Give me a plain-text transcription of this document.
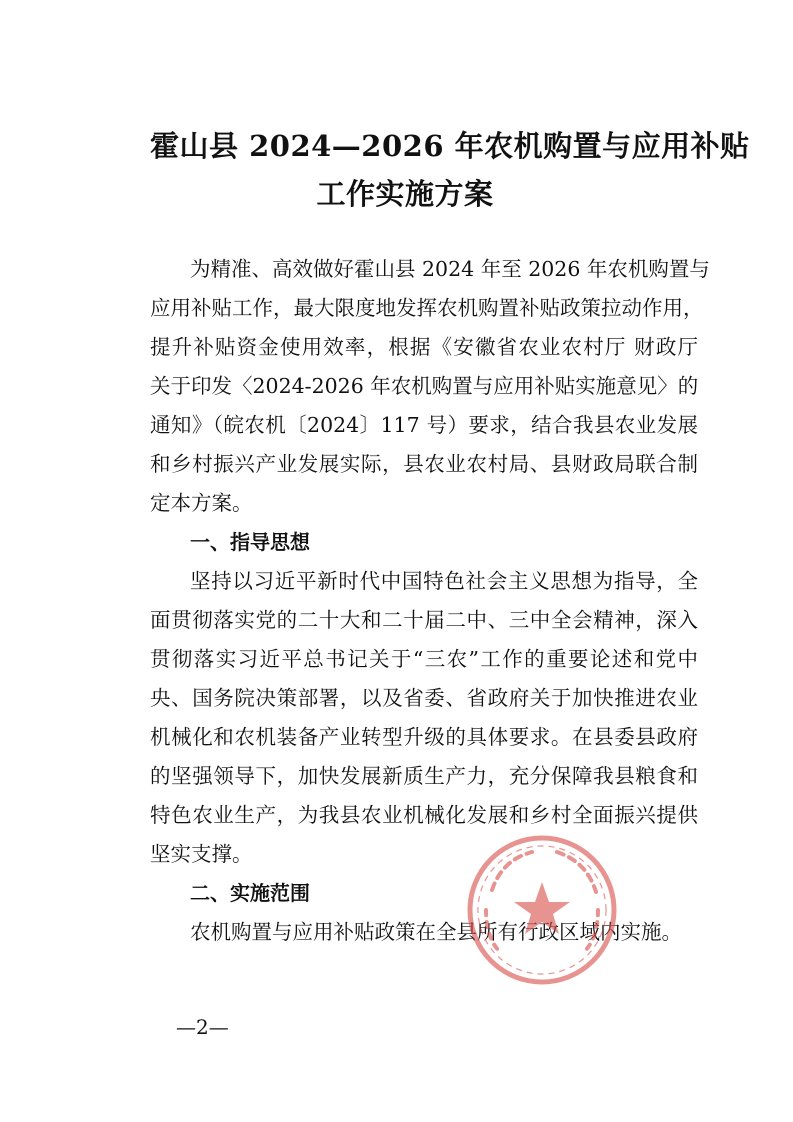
霍山县 2024—2026 年农机购置与应用补贴
工作实施方案

为精准、高效做好霍山县 2024 年至 2026 年农机购置与

应用补贴工作，最大限度地发挥农机购置补贴政策拉动作用，

提升补贴资金使用效率，根据《安徽省农业农村厅 财政厅

关于印发〈2024-2026 年农机购置与应用补贴实施意见〉的

通知》（皖农机〔2024〕117 号）要求，结合我县农业发展

和乡村振兴产业发展实际，县农业农村局、县财政局联合制

定本方案。

一、指导思想

坚持以习近平新时代中国特色社会主义思想为指导，全

面贯彻落实党的二十大和二十届二中、三中全会精神，深入

贯彻落实习近平总书记关于“三农”工作的重要论述和党中

央、国务院决策部署，以及省委、省政府关于加快推进农业

机械化和农机装备产业转型升级的具体要求。在县委县政府

的坚强领导下，加快发展新质生产力，充分保障我县粮食和

特色农业生产，为我县农业机械化发展和乡村全面振兴提供

坚实支撑。

二、实施范围

农机购置与应用补贴政策在全县所有行政区域内实施。

—2—
